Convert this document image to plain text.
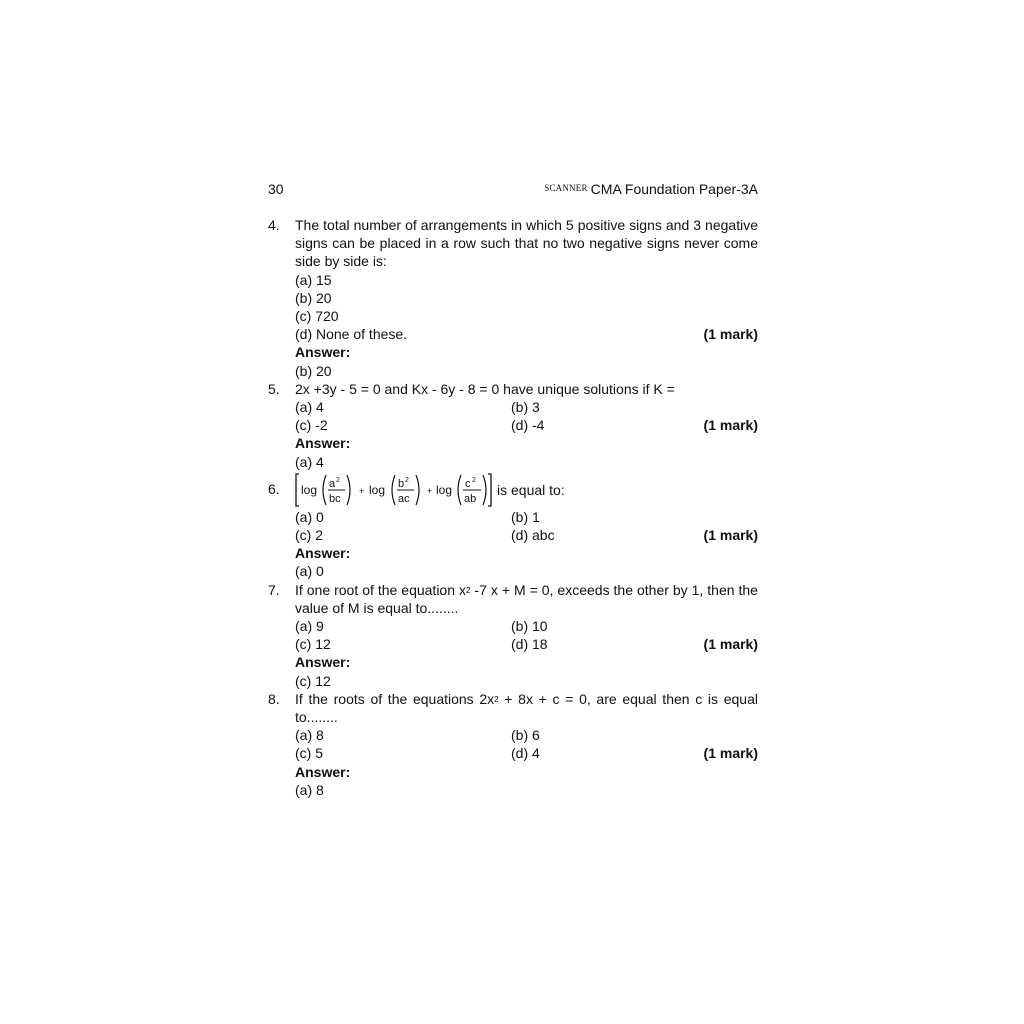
30	SCANNER CMA Foundation Paper-3A
4.	The total number of arrangements in which 5 positive signs and 3 negative signs can be placed in a row such that no two negative signs never come side by side is:
(a) 15
(b) 20
(c) 720
(d) None of these.	(1 mark)
Answer:
(b) 20
5.	2x +3y - 5 = 0 and Kx - 6y - 8 = 0 have unique solutions if K =
(a) 4	(b) 3
(c) -2	(d) -4	(1 mark)
Answer:
(a) 4
6.	log a 2
bc
+ log b 2
ac
+ log c 2
ab
is equal to:
(a) 0	(b) 1
(c) 2	(d) abc	(1 mark)
Answer:
(a) 0
7.	If one root of the equation $x^2$ -7 x + M = 0, exceeds the other by 1, then the value of M is equal to........
(a) 9	(b) 10
(c) 12	(d) 18	(1 mark)
Answer:
(c) 12
8.	If the roots of the equations $2x^2 + 8x + c = 0$, are equal then c is equal to........
(a) 8	(b) 6
(c) 5	(d) 4	(1 mark)
Answer:
(a) 8
